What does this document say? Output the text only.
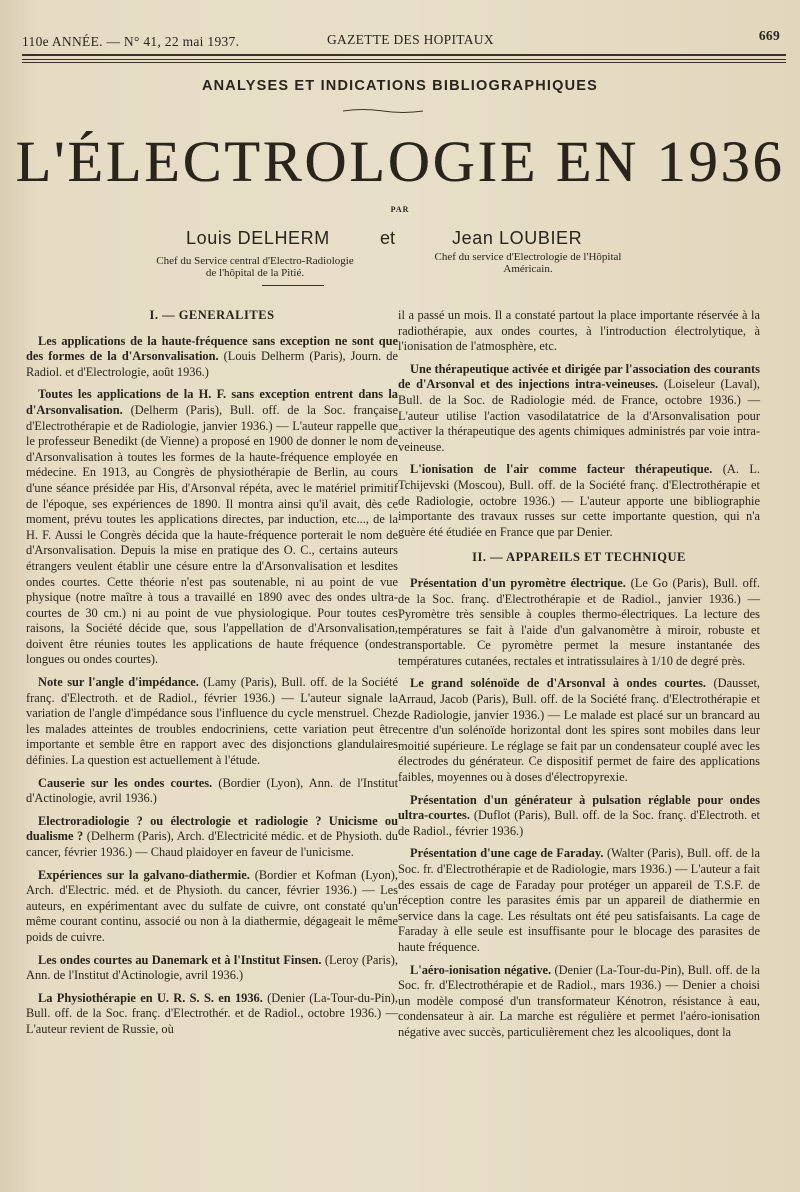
110e ANNÉE. — N° 41, 22 mai 1937.	GAZETTE DES HOPITAUX	669
ANALYSES ET INDICATIONS BIBLIOGRAPHIQUES
L'ÉLECTROLOGIE EN 1936
PAR
Louis DELHERM	et	Jean LOUBIER
Chef du Service central d'Electro-Radiologie
de l'hôpital de la Pitié.
Chef du service d'Electrologie de l'Hôpital
Américain.
I. — GENERALITES

Les applications de la haute-fréquence sans exception ne sont que des formes de la d'Arsonvalisation. (Louis Delherm (Paris), Journ. de Radiol. et d'Electrologie, août 1936.)

Toutes les applications de la H. F. sans exception entrent dans la d'Arsonvalisation. (Delherm (Paris), Bull. off. de la Soc. française d'Electrothérapie et de Radiologie, janvier 1936.) — L'auteur rappelle que le professeur Benedikt (de Vienne) a proposé en 1900 de donner le nom de d'Arsonvalisation à toutes les formes de la haute-fréquence employée en médecine. En 1913, au Congrès de physiothérapie de Berlin, au cours d'une séance présidée par His, d'Arsonval répéta, avec le matériel primitif de l'époque, ses expériences de 1890. Il montra ainsi qu'il avait, dès ce moment, prévu toutes les applications directes, par induction, etc..., de la H. F. Aussi le Congrès décida que la haute-fréquence porterait le nom de d'Arsonvalisation. Depuis la mise en pratique des O. C., certains auteurs étrangers veulent établir une césure entre la d'Arsonvalisation et lesdites ondes courtes. Cette théorie n'est pas soutenable, ni au point de vue physique (notre maître à tous a travaillé en 1890 avec des ondes ultra-courtes de 30 cm.) ni au point de vue physiologique. Pour toutes ces raisons, la Société décide que, sous l'appellation de d'Arsonvalisation, doivent être réunies toutes les applications de haute fréquence (ondes longues ou ondes courtes).

Note sur l'angle d'impédance. (Lamy (Paris), Bull. off. de la Société franç. d'Electroth. et de Radiol., février 1936.) — L'auteur signale la variation de l'angle d'impédance sous l'influence du cycle menstruel. Chez les malades atteintes de troubles endocriniens, cette variation peut être importante et semble être en rapport avec des disjonctions glandulaires définies. La question est actuellement à l'étude.

Causerie sur les ondes courtes. (Bordier (Lyon), Ann. de l'Institut d'Actinologie, avril 1936.)

Electroradiologie ? ou électrologie et radiologie ? Unicisme ou dualisme ? (Delherm (Paris), Arch. d'Electricité médic. et de Physioth. du cancer, février 1936.) — Chaud plaidoyer en faveur de l'unicisme.

Expériences sur la galvano-diathermie. (Bordier et Kofman (Lyon), Arch. d'Electric. méd. et de Physioth. du cancer, février 1936.) — Les auteurs, en expérimentant avec du sulfate de cuivre, ont constaté qu'un même courant continu, associé ou non à la diathermie, dégageait le même poids de cuivre.

Les ondes courtes au Danemark et à l'Institut Finsen. (Leroy (Paris), Ann. de l'Institut d'Actinologie, avril 1936.)

La Physiothérapie en U. R. S. S. en 1936. (Denier (La-Tour-du-Pin), Bull. off. de la Soc. franç. d'Electrothér. et de Radiol., octobre 1936.) — L'auteur revient de Russie, où

il a passé un mois. Il a constaté partout la place importante réservée à la radiothérapie, aux ondes courtes, à l'introduction électrolytique, à l'ionisation de l'atmosphère, etc.

Une thérapeutique activée et dirigée par l'association des courants de d'Arsonval et des injections intra-veineuses. (Loiseleur (Laval), Bull. de la Soc. de Radiologie méd. de France, octobre 1936.) — L'auteur utilise l'action vasodilatatrice de la d'Arsonvalisation pour activer la thérapeutique des agents chimiques administrés par voie intra-veineuse.

L'ionisation de l'air comme facteur thérapeutique. (A. L. Tchijevski (Moscou), Bull. off. de la Société franç. d'Electrothérapie et de Radiologie, octobre 1936.) — L'auteur apporte une bibliographie importante des travaux russes sur cette importante question, qui n'a guère été étudiée en France que par Denier.

II. — APPAREILS ET TECHNIQUE

Présentation d'un pyromètre électrique. (Le Go (Paris), Bull. off. de la Soc. franç. d'Electrothérapie et de Radiol., janvier 1936.) — Pyromètre très sensible à couples thermo-électriques. La lecture des températures se fait à l'aide d'un galvanomètre à miroir, robuste et transportable. Ce pyromètre permet la mesure instantanée des températures cutanées, rectales et intratissulaires à 1/10 de degré près.

Le grand solénoïde de d'Arsonval à ondes courtes. (Dausset, Arraud, Jacob (Paris), Bull. off. de la Société franç. d'Electrothérapie et de Radiologie, janvier 1936.) — Le malade est placé sur un brancard au centre d'un solénoïde horizontal dont les spires sont mobiles dans leur moitié supérieure. Le réglage se fait par un condensateur couplé avec les électrodes du générateur. Ce dispositif permet de faire des applications faibles, moyennes ou à doses d'électropyrexie.

Présentation d'un générateur à pulsation réglable pour ondes ultra-courtes. (Duflot (Paris), Bull. off. de la Soc. franç. d'Electroth. et de Radiol., février 1936.)

Présentation d'une cage de Faraday. (Walter (Paris), Bull. off. de la Soc. fr. d'Electrothérapie et de Radiologie, mars 1936.) — L'auteur a fait des essais de cage de Faraday pour protéger un appareil de T.S.F. de réception contre les parasites émis par un appareil de diathermie en service dans la cage. Les résultats ont été peu satisfaisants. La cage de Faraday à elle seule est insuffisante pour le blocage des parasites de haute fréquence.

L'aéro-ionisation négative. (Denier (La-Tour-du-Pin), Bull. off. de la Soc. fr. d'Electrothérapie et de Radiol., mars 1936.) — Denier a choisi un modèle composé d'un transformateur Kénotron, résistance à eau, condensateur à air. La marche est régulière et permet l'aéro-ionisation négative avec succès, particulièrement chez les alcooliques, dont la
